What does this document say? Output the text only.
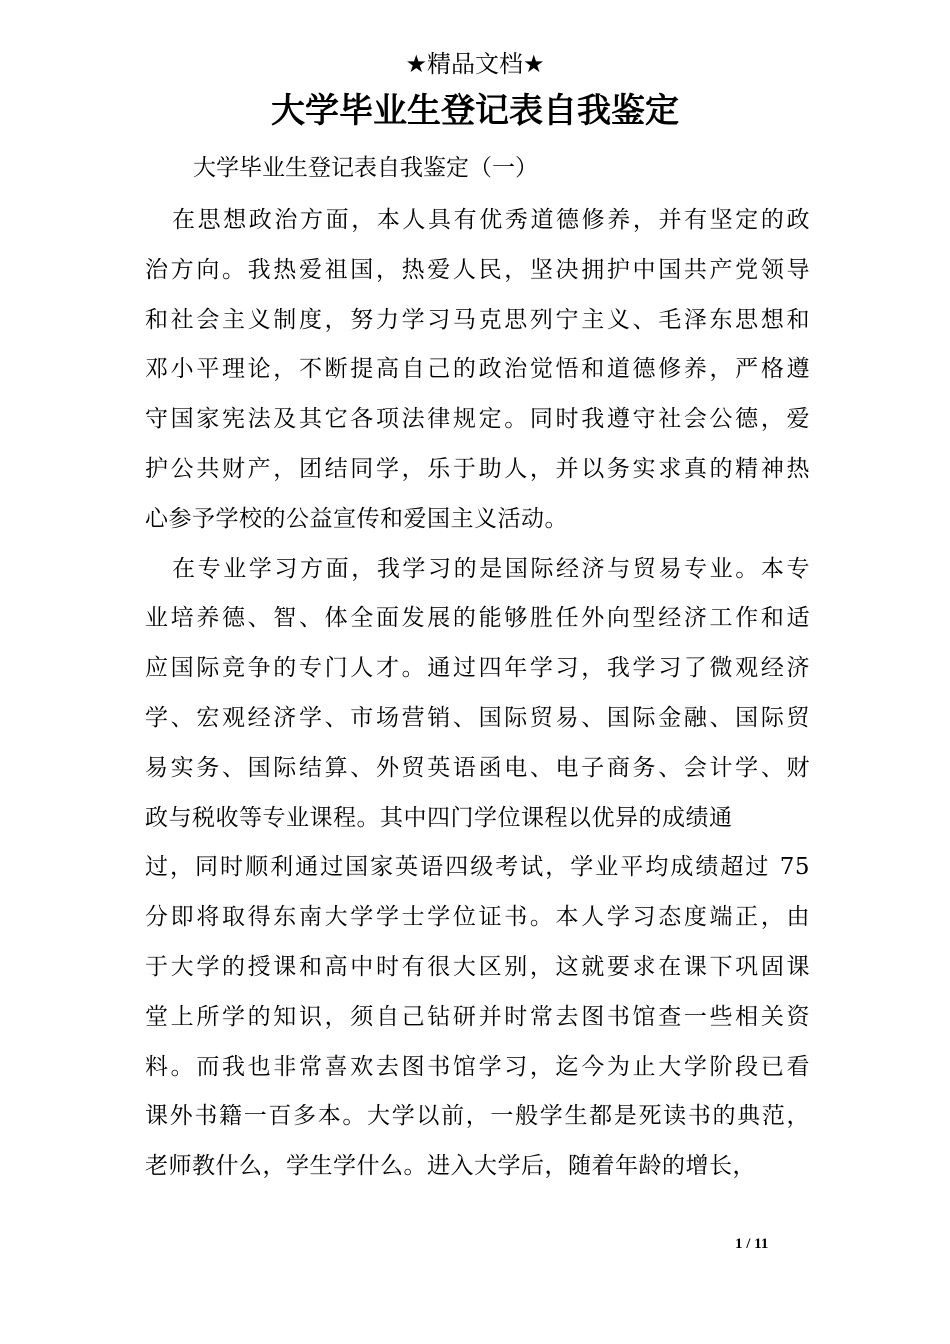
★精品文档★
大学毕业生登记表自我鉴定
大学毕业生登记表自我鉴定（一）
在思想政治方面，本人具有优秀道德修养，并有坚定的政
治方向。我热爱祖国，热爱人民，坚决拥护中国共产党领导
和社会主义制度，努力学习马克思列宁主义、毛泽东思想和
邓小平理论，不断提高自己的政治觉悟和道德修养，严格遵
守国家宪法及其它各项法律规定。同时我遵守社会公德，爱
护公共财产，团结同学，乐于助人，并以务实求真的精神热
心参予学校的公益宣传和爱国主义活动。
在专业学习方面，我学习的是国际经济与贸易专业。本专
业培养德、智、体全面发展的能够胜任外向型经济工作和适
应国际竞争的专门人才。通过四年学习，我学习了微观经济
学、宏观经济学、市场营销、国际贸易、国际金融、国际贸
易实务、国际结算、外贸英语函电、电子商务、会计学、财
政与税收等专业课程。其中四门学位课程以优异的成绩通
过，同时顺利通过国家英语四级考试，学业平均成绩超过 75
分即将取得东南大学学士学位证书。本人学习态度端正，由
于大学的授课和高中时有很大区别，这就要求在课下巩固课
堂上所学的知识，须自己钻研并时常去图书馆查一些相关资
料。而我也非常喜欢去图书馆学习，迄今为止大学阶段已看
课外书籍一百多本。大学以前，一般学生都是死读书的典范，
老师教什么，学生学什么。进入大学后，随着年龄的增长，
1 / 11
